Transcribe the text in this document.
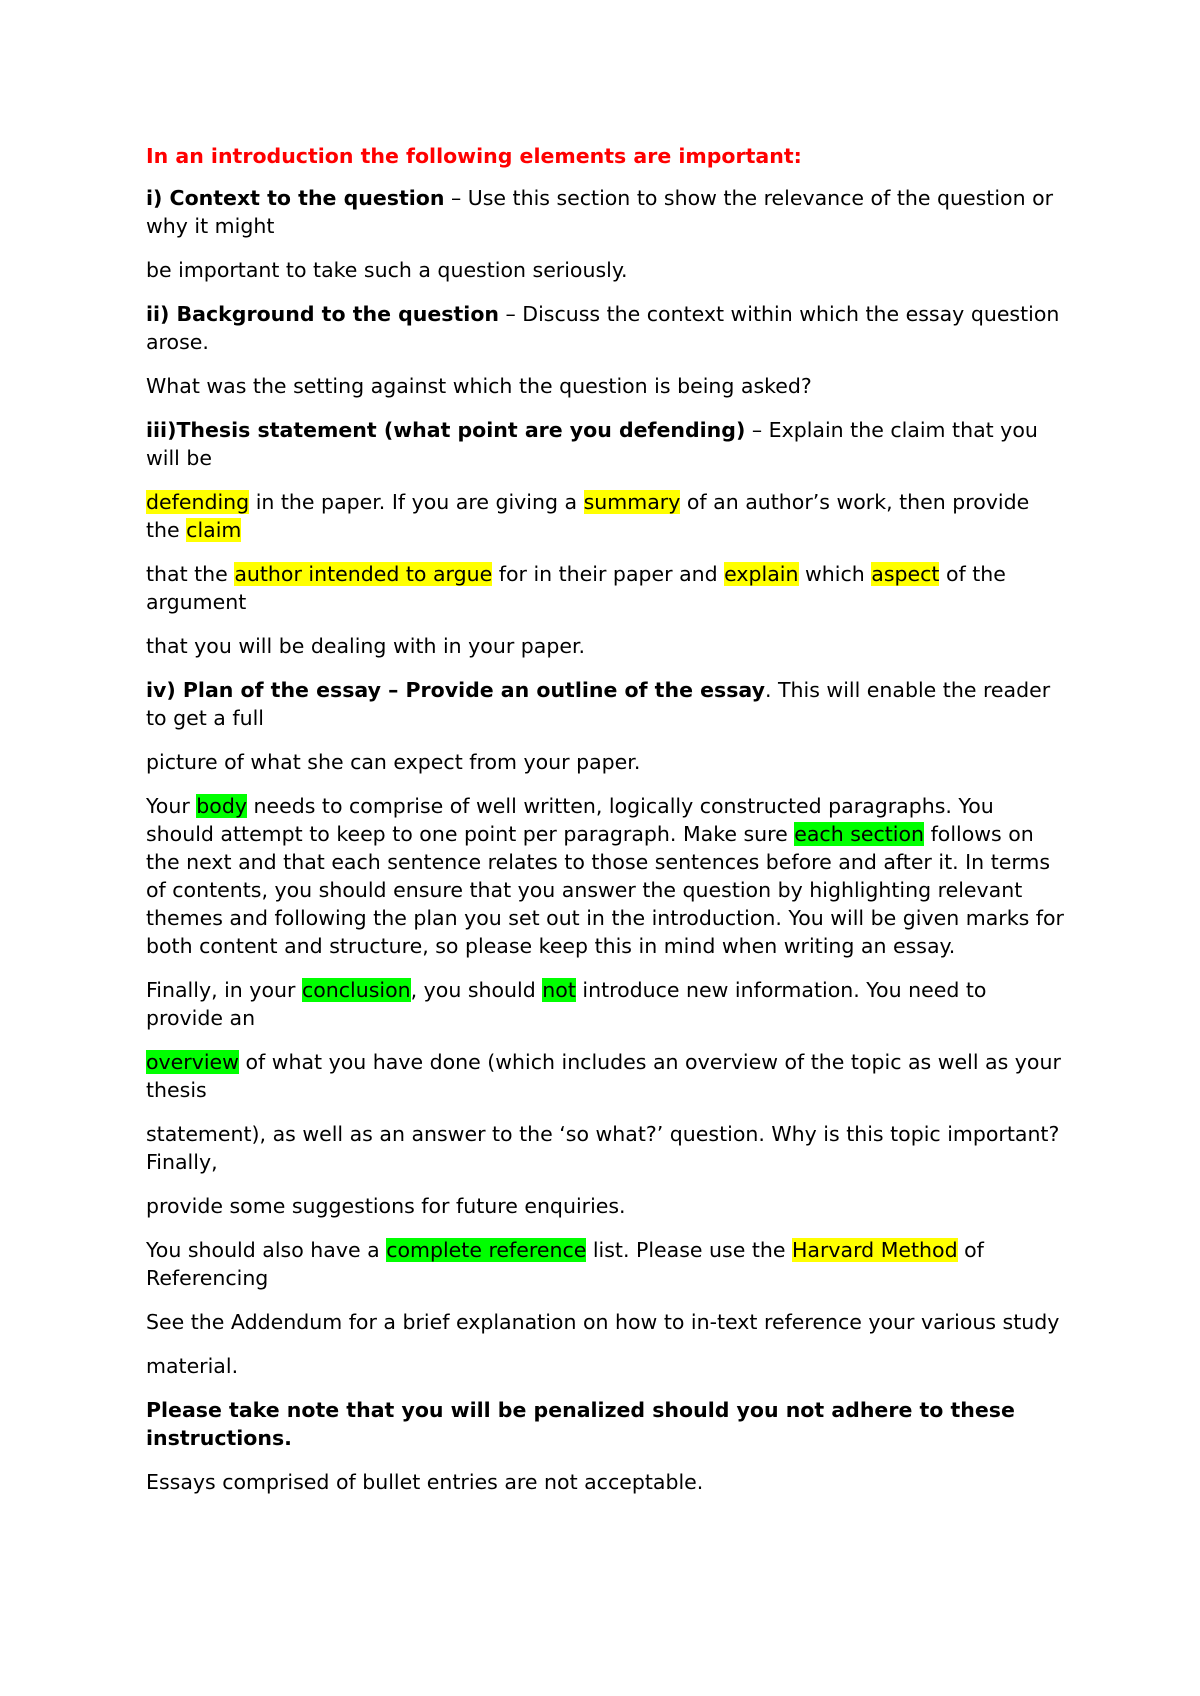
In an introduction the following elements are important:

i) Context to the question – Use this section to show the relevance of the question or why it might

be important to take such a question seriously.

ii) Background to the question – Discuss the context within which the essay question arose.

What was the setting against which the question is being asked?

iii)Thesis statement (what point are you defending) – Explain the claim that you will be

defending in the paper. If you are giving a summary of an author’s work, then provide the claim

that the author intended to argue for in their paper and explain which aspect of the argument

that you will be dealing with in your paper.

iv) Plan of the essay – Provide an outline of the essay. This will enable the reader to get a full

picture of what she can expect from your paper.

Your body needs to comprise of well written, logically constructed paragraphs. You should attempt to keep to one point per paragraph. Make sure each section follows on the next and that each sentence relates to those sentences before and after it. In terms of contents, you should ensure that you answer the question by highlighting relevant themes and following the plan you set out in the introduction. You will be given marks for both content and structure, so please keep this in mind when writing an essay.

Finally, in your conclusion, you should not introduce new information. You need to provide an

overview of what you have done (which includes an overview of the topic as well as your thesis

statement), as well as an answer to the ‘so what?’ question. Why is this topic important? Finally,

provide some suggestions for future enquiries.

You should also have a complete reference list. Please use the Harvard Method of Referencing

See the Addendum for a brief explanation on how to in-text reference your various study

material.

Please take note that you will be penalized should you not adhere to these instructions.

Essays comprised of bullet entries are not acceptable.
